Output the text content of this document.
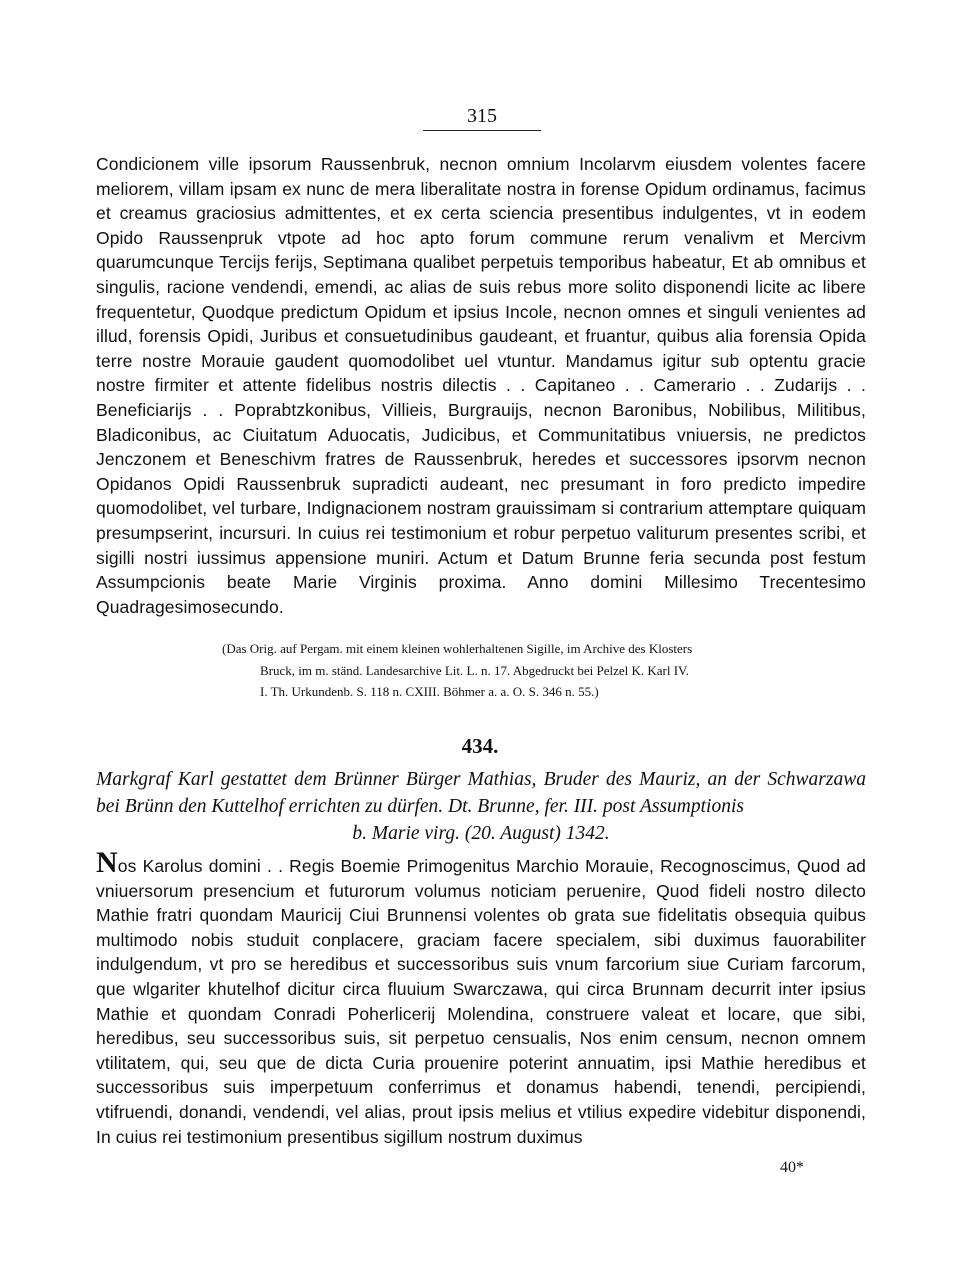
315
Condicionem ville ipsorum Raussenbruk, necnon omnium Incolarvm eiusdem volentes facere meliorem, villam ipsam ex nunc de mera liberalitate nostra in forense Opidum ordinamus, facimus et creamus graciosius admittentes, et ex certa sciencia presentibus indulgentes, vt in eodem Opido Raussenpruk vtpote ad hoc apto forum commune rerum venalivm et Mercivm quarumcunque Tercijs ferijs, Septimana qualibet perpetuis temporibus habeatur, Et ab omnibus et singulis, racione vendendi, emendi, ac alias de suis rebus more solito disponendi licite ac libere frequentetur, Quodque predictum Opidum et ipsius Incole, necnon omnes et singuli venientes ad illud, forensis Opidi, Juribus et consuetudinibus gaudeant, et fruantur, quibus alia forensia Opida terre nostre Morauie gaudent quomodolibet uel vtuntur. Mandamus igitur sub optentu gracie nostre firmiter et attente fidelibus nostris dilectis . . Capitaneo . . Camerario . . Zudarijs . . Beneficiarijs . . Poprabtzkonibus, Villieis, Burgrauijs, necnon Baronibus, Nobilibus, Militibus, Bladiconibus, ac Ciuitatum Aduocatis, Judicibus, et Communitatibus vniuersis, ne predictos Jenczonem et Beneschivm fratres de Raussenbruk, heredes et successores ipsorvm necnon Opidanos Opidi Raussenbruk supradicti audeant, nec presumant in foro predicto impedire quomodolibet, vel turbare, Indignacionem nostram grauissimam si contrarium attemptare quiquam presumpserint, incursuri. In cuius rei testimonium et robur perpetuo valiturum presentes scribi, et sigilli nostri iussimus appensione muniri. Actum et Datum Brunne feria secunda post festum Assumpcionis beate Marie Virginis proxima. Anno domini Millesimo Trecentesimo Quadragesimosecundo.
(Das Orig. auf Pergam. mit einem kleinen wohlerhaltenen Sigille, im Archive des Klosters
Bruck, im m. ständ. Landesarchive Lit. L. n. 17. Abgedruckt bei Pelzel K. Karl IV.
I. Th. Urkundenb. S. 118 n. CXIII. Böhmer a. a. O. S. 346 n. 55.)
434.
Markgraf Karl gestattet dem Brünner Bürger Mathias, Bruder des Mauriz, an der Schwarzawa bei Brünn den Kuttelhof errichten zu dürfen. Dt. Brunne, fer. III. post Assumptionis
b. Marie virg. (20. August) 1342.
Nos Karolus domini . . Regis Boemie Primogenitus Marchio Morauie, Recognoscimus, Quod ad vniuersorum presencium et futurorum volumus noticiam peruenire, Quod fideli nostro dilecto Mathie fratri quondam Mauricij Ciui Brunnensi volentes ob grata sue fidelitatis obsequia quibus multimodo nobis studuit conplacere, graciam facere specialem, sibi duximus fauorabiliter indulgendum, vt pro se heredibus et successoribus suis vnum farcorium siue Curiam farcorum, que wlgariter khutelhof dicitur circa fluuium Swarczawa, qui circa Brunnam decurrit inter ipsius Mathie et quondam Conradi Poherlicerij Molendina, construere valeat et locare, que sibi, heredibus, seu successoribus suis, sit perpetuo censualis, Nos enim censum, necnon omnem vtilitatem, qui, seu que de dicta Curia prouenire poterint annuatim, ipsi Mathie heredibus et successoribus suis imperpetuum conferrimus et donamus habendi, tenendi, percipiendi, vtifruendi, donandi, vendendi, vel alias, prout ipsis melius et vtilius expedire videbitur disponendi, In cuius rei testimonium presentibus sigillum nostrum duximus
40*
